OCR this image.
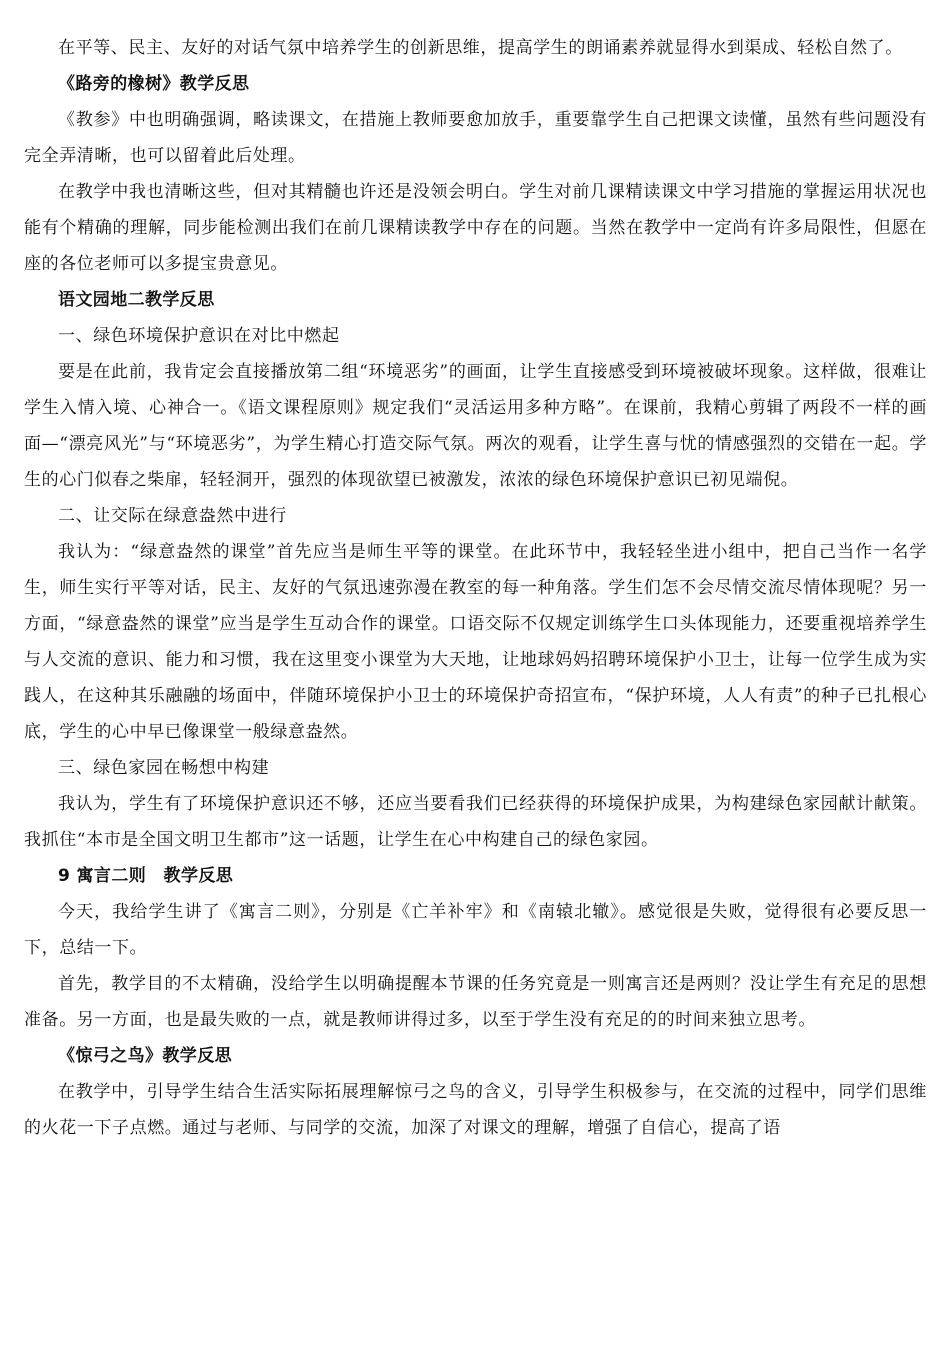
在平等、民主、友好的对话气氛中培养学生的创新思维，提高学生的朗诵素养就显得水到渠成、轻松自然了。

《路旁的橡树》教学反思

《教参》中也明确强调，略读课文，在措施上教师要愈加放手，重要靠学生自己把课文读懂，虽然有些问题没有完全弄清晰，也可以留着此后处理。

在教学中我也清晰这些，但对其精髓也许还是没领会明白。学生对前几课精读课文中学习措施的掌握运用状况也能有个精确的理解，同步能检测出我们在前几课精读教学中存在的问题。当然在教学中一定尚有许多局限性，但愿在座的各位老师可以多提宝贵意见。

语文园地二教学反思

一、绿色环境保护意识在对比中燃起

要是在此前，我肯定会直接播放第二组“环境恶劣”的画面，让学生直接感受到环境被破坏现象。这样做，很难让学生入情入境、心神合一。《语文课程原则》规定我们“灵活运用多种方略”。在课前，我精心剪辑了两段不一样的画面—“漂亮风光”与“环境恶劣”，为学生精心打造交际气氛。两次的观看，让学生喜与忧的情感强烈的交错在一起。学生的心门似春之柴扉，轻轻洞开，强烈的体现欲望已被激发，浓浓的绿色环境保护意识已初见端倪。

二、让交际在绿意盎然中进行

我认为：“绿意盎然的课堂”首先应当是师生平等的课堂。在此环节中，我轻轻坐进小组中，把自己当作一名学生，师生实行平等对话，民主、友好的气氛迅速弥漫在教室的每一种角落。学生们怎不会尽情交流尽情体现呢？另一方面，“绿意盎然的课堂”应当是学生互动合作的课堂。口语交际不仅规定训练学生口头体现能力，还要重视培养学生与人交流的意识、能力和习惯，我在这里变小课堂为大天地，让地球妈妈招聘环境保护小卫士，让每一位学生成为实践人，在这种其乐融融的场面中，伴随环境保护小卫士的环境保护奇招宣布，“保护环境，人人有责”的种子已扎根心底，学生的心中早已像课堂一般绿意盎然。

三、绿色家园在畅想中构建

我认为，学生有了环境保护意识还不够，还应当要看我们已经获得的环境保护成果，为构建绿色家园献计献策。我抓住“本市是全国文明卫生都市”这一话题，让学生在心中构建自己的绿色家园。

9 寓言二则　教学反思

今天，我给学生讲了《寓言二则》，分别是《亡羊补牢》和《南辕北辙》。感觉很是失败，觉得很有必要反思一下，总结一下。

首先，教学目的不太精确，没给学生以明确提醒本节课的任务究竟是一则寓言还是两则？没让学生有充足的思想准备。另一方面，也是最失败的一点，就是教师讲得过多，以至于学生没有充足的的时间来独立思考。

《惊弓之鸟》教学反思

在教学中，引导学生结合生活实际拓展理解惊弓之鸟的含义，引导学生积极参与，在交流的过程中，同学们思维的火花一下子点燃。通过与老师、与同学的交流，加深了对课文的理解，增强了自信心，提高了语
